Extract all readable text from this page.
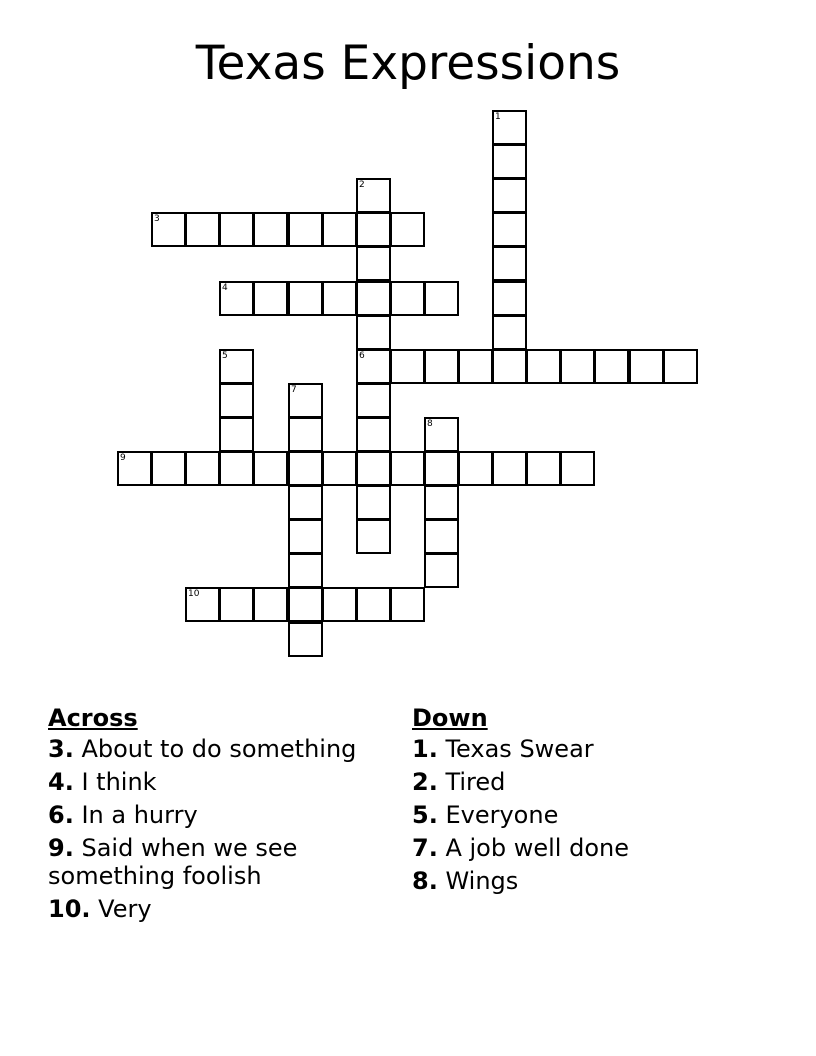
Texas Expressions
1
2
6
3
4
5
7
8
9
10
Across
3. About to do something
4. I think
6. In a hurry
9. Said when we see something foolish
10. Very
Down
1. Texas Swear
2. Tired
5. Everyone
7. A job well done
8. Wings
